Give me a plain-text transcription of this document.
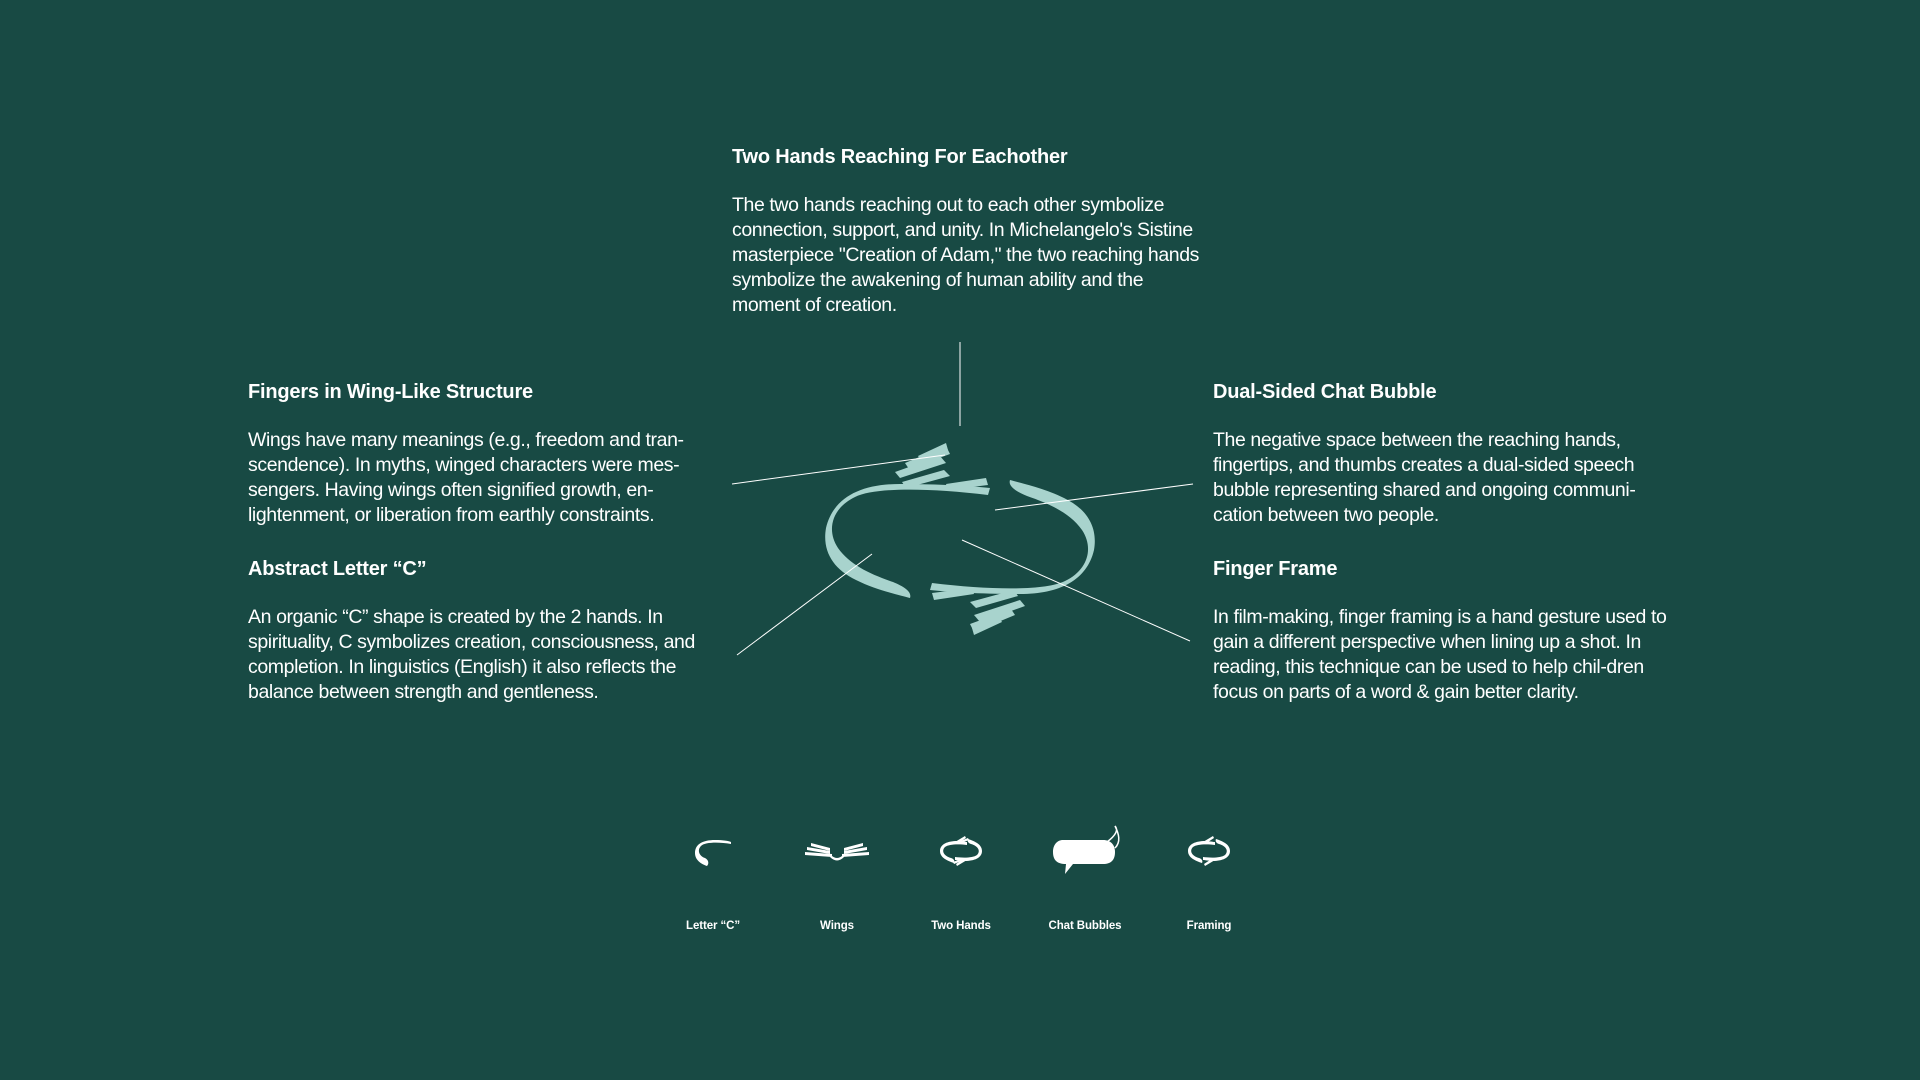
Two Hands Reaching For Eachother

The two hands reaching out to each other symbolize connection, support, and unity. In Michelangelo's Sistine masterpiece "Creation of Adam," the two reaching hands symbolize the awakening of human ability and the moment of creation.

Fingers in Wing-Like Structure

Wings have many meanings (e.g., freedom and tran-scendence). In myths, winged characters were mes-sengers. Having wings often signified growth, en-lightenment, or liberation from earthly constraints.

Abstract Letter “C”

An organic “C” shape is created by the 2 hands. In spirituality, C symbolizes creation, consciousness, and completion. In linguistics (English) it also reflects the balance between strength and gentleness.

Dual-Sided Chat Bubble

The negative space between the reaching hands, fingertips, and thumbs creates a dual-sided speech bubble representing shared and ongoing communi-cation between two people.

Finger Frame

In film-making, finger framing is a hand gesture used to gain a different perspective when lining up a shot. In reading, this technique can be used to help chil-dren focus on parts of a word & gain better clarity.

Letter “C”	Wings	Two Hands	Chat Bubbles	Framing
